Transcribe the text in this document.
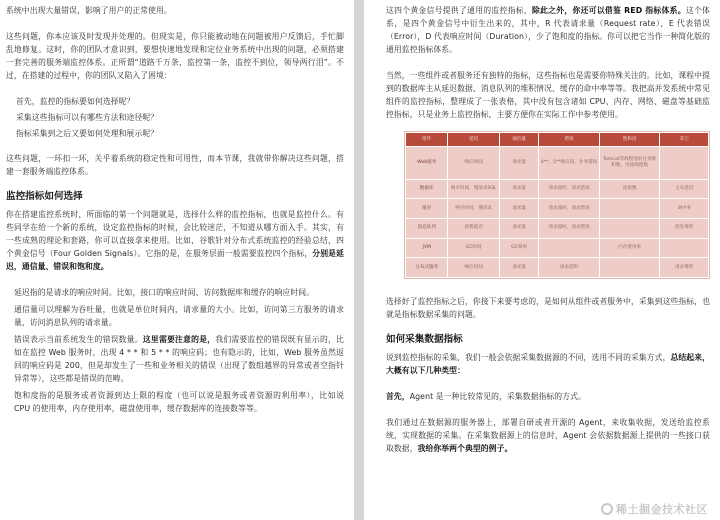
系统中出现大量错误，影响了用户的正常使用。

这些问题，你本应该及时发现并处理的。但现实是，你只能被动地在问题被用户反馈后，手忙脚乱地修复。这时，你的团队才意识到，要想快速地发现和定位业务系统中出现的问题，必须搭建一套完善的服务端监控体系。正所谓“道路千万条，监控第一条，监控不到位，领导两行泪”。不过，在搭建的过程中，你的团队又陷入了困境：

首先，监控的指标要如何选择呢？
采集这些指标可以有哪些方法和途径呢？
指标采集到之后又要如何处理和展示呢？

这些问题，一环扣一环，关乎着系统的稳定性和可用性，而本节课，我就带你解决这些问题，搭建一套服务端监控体系。

监控指标如何选择

你在搭建监控系统时，所面临的第一个问题就是，选择什么样的监控指标，也就是监控什么。有些同学在给一个新的系统，设定监控指标的时候，会比较迷茫，不知道从哪方面入手。其实，有一些成熟的理论和套路，你可以直接拿来使用。比如，谷歌针对分布式系统监控的经验总结，四个黄金信号（Four Golden Signals）。它指的是，在服务层面一般需要监控四个指标，分别是延迟，通信量、错误和饱和度。

延迟指的是请求的响应时间。比如，接口的响应时间、访问数据库和缓存的响应时间。

通信量可以理解为吞吐量，也就是单位时间内，请求量的大小。比如，访问第三方服务的请求量，访问消息队列的请求量。

错误表示当前系统发生的错误数量。这里需要注意的是，我们需要监控的错误既有显示的，比如在监控 Web 服务时，出现 4 * * 和 5 * * 的响应码；也有隐示的，比如，Web 服务虽然返回的响应码是 200，但是却发生了一些和业务相关的错误（出现了数组越界的异常或者空指针异常等），这些都是错误的范畴。

饱和度指的是服务或者资源到达上限的程度（也可以说是服务或者资源的利用率），比如说 CPU 的使用率，内存使用率，磁盘使用率，缓存数据库的连接数等等。

这四个黄金信号提供了通用的监控指标，除此之外，你还可以借鉴 RED 指标体系。这个体系，是四个黄金信号中衍生出来的，其中，R 代表请求量（Request rate），E 代表错误（Error），D 代表响应时间（Duration），少了饱和度的指标。你可以把它当作一种简化版的通用监控指标体系。

当然，一些组件或者服务还有独特的指标，这些指标也是需要你特殊关注的。比如，课程中提到的数据库主从延迟数据、消息队列的堆积情况、缓存的命中率等等。我把高并发系统中常见组件的监控指标，整理成了一张表格，其中没有包含诸如 CPU、内存、网络、磁盘等基础监控指标，只是业务上监控指标，主要方便你在实际工作中参考使用。

组件	延迟	通信量	错误	饱和度	其它
Web服务	响应时间	请求量	4**、5**响应码，业务错误	Tomcat等线程池的任务堆积数，连接线程数	
数据库	响应时间，慢请求SQL	请求量	请求超时，请求错误	连接数	主从延迟
缓存	响应时间，慢请求	请求量	请求超时，请求错误		命中率
消息队列	消费延迟	请求量	请求超时，请求错误		消息堆积
JVM	GC时间	GC频率		内存使用率	
分布式服务	响应时间	请求量	请求超时		请求堆积

选择好了监控指标之后，你接下来要考虑的，是如何从组件或者服务中，采集到这些指标，也就是指标数据采集的问题。

如何采集数据指标

说到监控指标的采集，我们一般会依据采集数据源的不同，选用不同的采集方式，总结起来，大概有以下几种类型：

首先，Agent 是一种比较常见的，采集数据指标的方式。

我们通过在数据源的服务器上，部署自研或者开源的 Agent，来收集收据，发送给监控系统，实现数据的采集。在采集数据源上的信息时，Agent 会依据数据源上提供的一些接口获取数据，我给你举两个典型的例子。

稀土掘金技术社区
